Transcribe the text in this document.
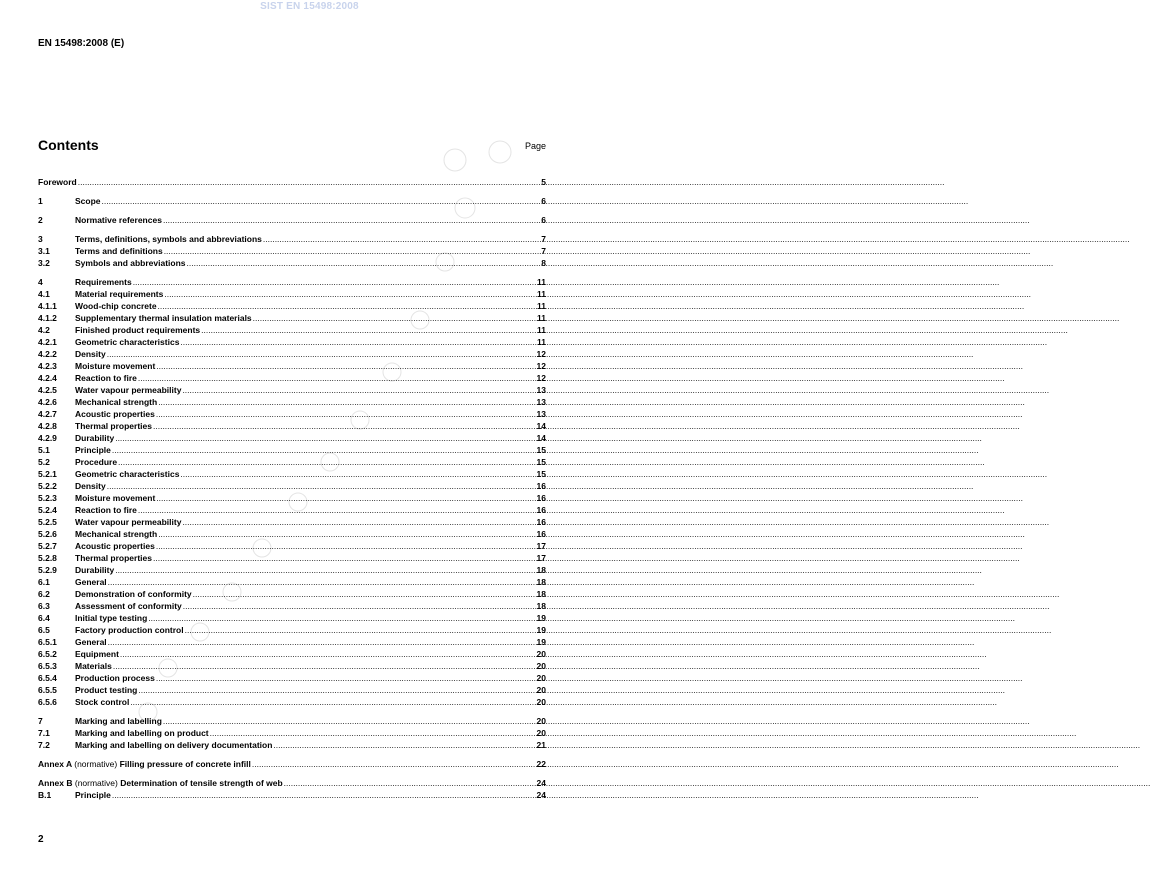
SIST EN 15498:2008
EN 15498:2008 (E)
Contents	Page
Foreword .....	5
1	Scope .....	6
2	Normative references .....	6
3	Terms, definitions, symbols and abbreviations .....	7
3.1	Terms and definitions .....	7
3.2	Symbols and abbreviations .....	8
4	Requirements .....	11
4.1	Material requirements .....	11
4.1.1	Wood-chip concrete .....	11
4.1.2	Supplementary thermal insulation materials .....	11
4.2	Finished product requirements .....	11
4.2.1	Geometric characteristics .....	11
4.2.2	Density .....	12
4.2.3	Moisture movement .....	12
4.2.4	Reaction to fire .....	12
4.2.5	Water vapour permeability .....	13
4.2.6	Mechanical strength .....	13
4.2.7	Acoustic properties .....	13
4.2.8	Thermal properties .....	14
4.2.9	Durability .....	14
5.1	Principle .....	15
5.2	Procedure .....	15
5.2.1	Geometric characteristics .....	15
5.2.2	Density .....	16
5.2.3	Moisture movement .....	16
5.2.4	Reaction to fire .....	16
5.2.5	Water vapour permeability .....	16
5.2.6	Mechanical strength .....	16
5.2.7	Acoustic properties .....	17
5.2.8	Thermal properties .....	17
5.2.9	Durability .....	18
6.1	General .....	18
6.2	Demonstration of conformity .....	18
6.3	Assessment of conformity .....	18
6.4	Initial type testing .....	19
6.5	Factory production control .....	19
6.5.1	General .....	19
6.5.2	Equipment .....	20
6.5.3	Materials .....	20
6.5.4	Production process .....	20
6.5.5	Product testing .....	20
6.5.6	Stock control .....	20
7	Marking and labelling .....	20
7.1	Marking and labelling on product .....	20
7.2	Marking and labelling on delivery documentation .....	21
Annex A (normative) Filling pressure of concrete infill .....	22
Annex B (normative) Determination of tensile strength of web .....	24
B.1	Principle .....	24
2
